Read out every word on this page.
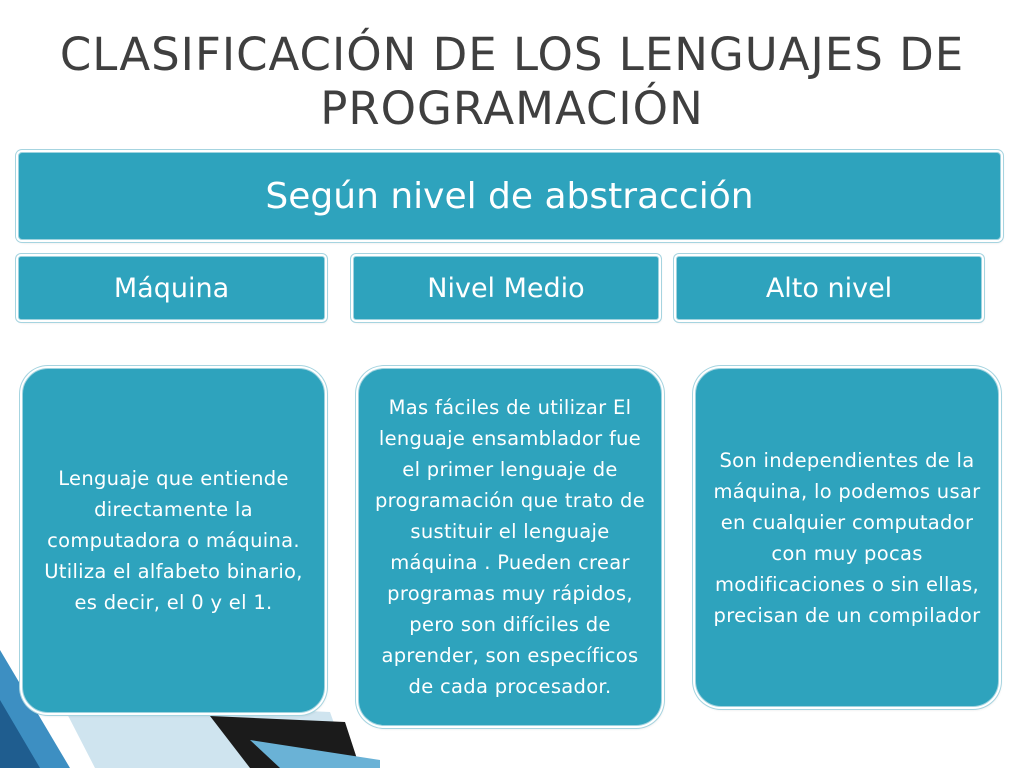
CLASIFICACIÓN DE LOS LENGUAJES DE PROGRAMACIÓN
Según nivel de abstracción
Máquina	Nivel Medio	Alto nivel
Lenguaje que entiende directamente la computadora o máquina. Utiliza el alfabeto binario, es decir, el 0 y el 1.
Mas fáciles de utilizar El lenguaje ensamblador fue el primer lenguaje de programación que trato de sustituir el lenguaje máquina . Pueden crear programas muy rápidos, pero son difíciles de aprender, son específicos de cada procesador.
Son independientes de la máquina, lo podemos usar en cualquier computador con muy pocas modificaciones o sin ellas, precisan de un compilador
